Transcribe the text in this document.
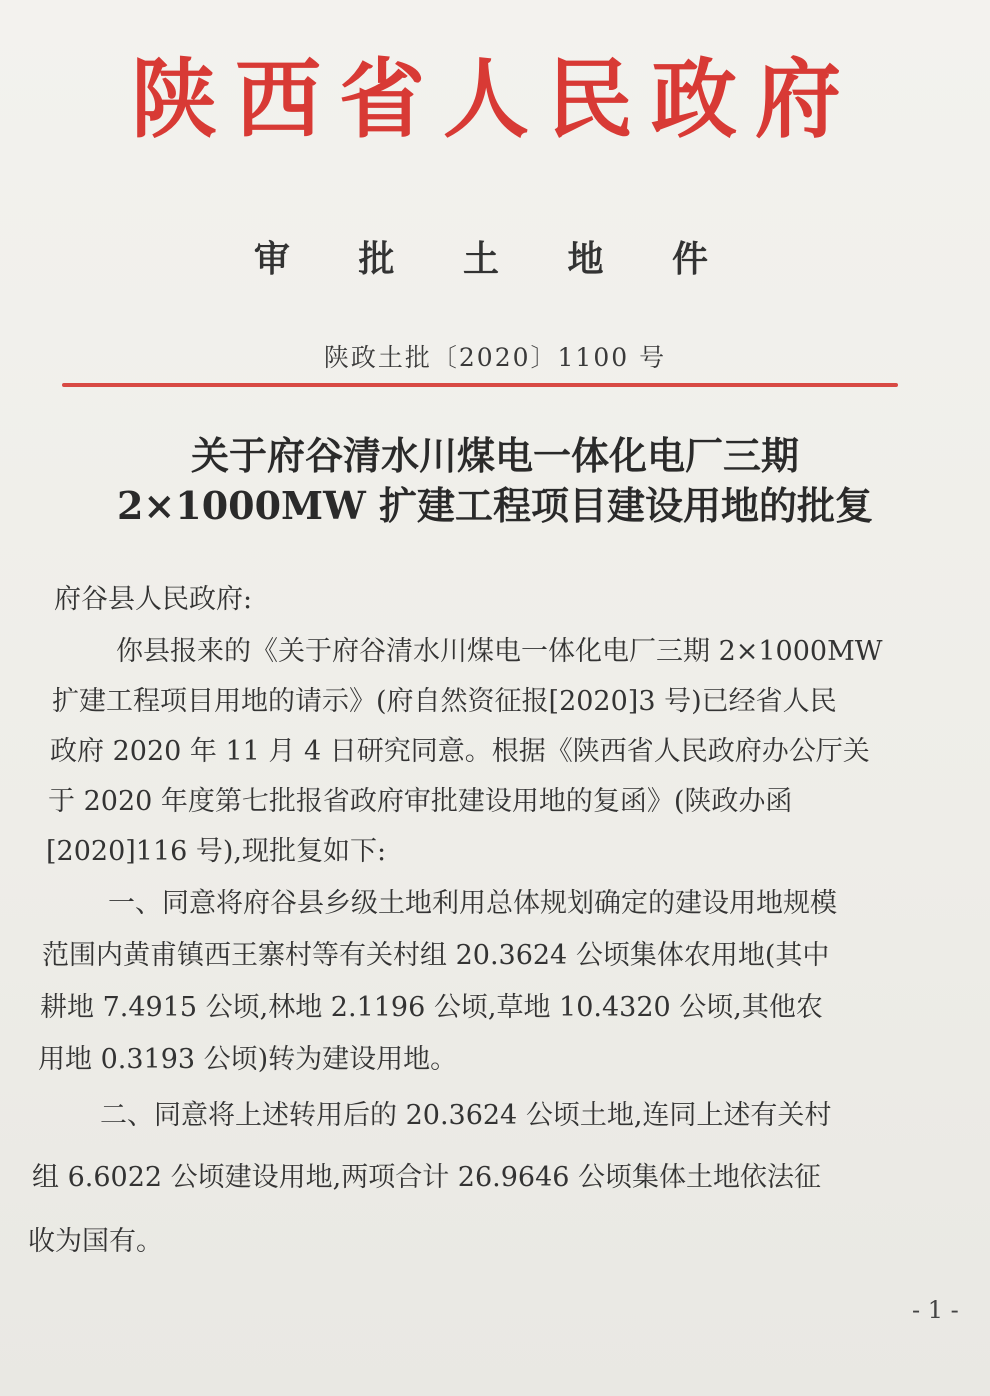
陕西省人民政府
审 批 土 地 件
陕政土批〔2020〕1100 号
关于府谷清水川煤电一体化电厂三期
2×1000MW 扩建工程项目建设用地的批复
府谷县人民政府:
你县报来的《关于府谷清水川煤电一体化电厂三期 2×1000MW
扩建工程项目用地的请示》(府自然资征报[2020]3 号)已经省人民
政府 2020 年 11 月 4 日研究同意。根据《陕西省人民政府办公厅关
于 2020 年度第七批报省政府审批建设用地的复函》(陕政办函
[2020]116 号),现批复如下:
一、同意将府谷县乡级土地利用总体规划确定的建设用地规模
范围内黄甫镇西王寨村等有关村组 20.3624 公顷集体农用地(其中
耕地 7.4915 公顷,林地 2.1196 公顷,草地 10.4320 公顷,其他农
用地 0.3193 公顷)转为建设用地。
二、同意将上述转用后的 20.3624 公顷土地,连同上述有关村
组 6.6022 公顷建设用地,两项合计 26.9646 公顷集体土地依法征
收为国有。
- 1 -
